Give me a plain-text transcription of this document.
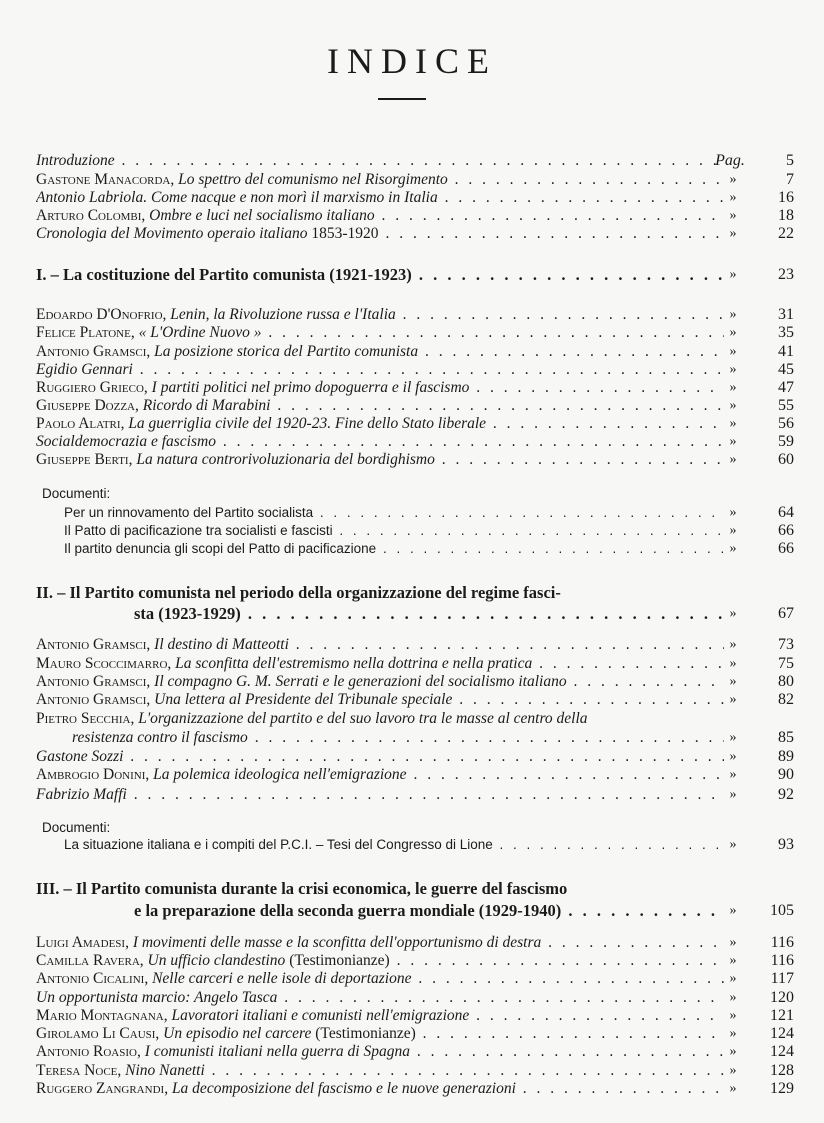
INDICE
Introduzione . . .	Pag.	5
Gastone Manacorda, Lo spettro del comunismo nel Risorgimento . . .	»	7
Antonio Labriola. Come nacque e non morì il marxismo in Italia . . .	»	16
Arturo Colombi, Ombre e luci nel socialismo italiano . . .	»	18
Cronologia del Movimento operaio italiano 1853-1920 . . .	»	22
I. – La costituzione del Partito comunista (1921-1923) . . .	»	23
Edoardo D'Onofrio, Lenin, la Rivoluzione russa e l'Italia . . .	»	31
Felice Platone, « L'Ordine Nuovo » . . .	»	35
Antonio Gramsci, La posizione storica del Partito comunista . . .	»	41
Egidio Gennari . . .	»	45
Ruggiero Grieco, I partiti politici nel primo dopoguerra e il fascismo . . .	»	47
Giuseppe Dozza, Ricordo di Marabini . . .	»	55
Paolo Alatri, La guerriglia civile del 1920-23. Fine dello Stato liberale . . .	»	56
Socialdemocrazia e fascismo . . .	»	59
Giuseppe Berti, La natura controrivoluzionaria del bordighismo . . .	»	60
Documenti:
Per un rinnovamento del Partito socialista . . .	»	64
Il Patto di pacificazione tra socialisti e fascisti . . .	»	66
Il partito denuncia gli scopi del Patto di pacificazione . . .	»	66
II. – Il Partito comunista nel periodo della organizzazione del regime fasci-
sta (1923-1929) . . .	»	67
Antonio Gramsci, Il destino di Matteotti . . .	»	73
Mauro Scoccimarro, La sconfitta dell'estremismo nella dottrina e nella pratica . . .	»	75
Antonio Gramsci, Il compagno G. M. Serrati e le generazioni del socialismo italiano . . .	»	80
Antonio Gramsci, Una lettera al Presidente del Tribunale speciale . . .	»	82
Pietro Secchia, L'organizzazione del partito e del suo lavoro tra le masse al centro della
resistenza contro il fascismo . . .	»	85
Gastone Sozzi . . .	»	89
Ambrogio Donini, La polemica ideologica nell'emigrazione . . .	»	90
Fabrizio Maffi . . .	»	92
Documenti:
La situazione italiana e i compiti del P.C.I. – Tesi del Congresso di Lione . . .	»	93
III. – Il Partito comunista durante la crisi economica, le guerre del fascismo
e la preparazione della seconda guerra mondiale (1929-1940) . . .	»	105
Luigi Amadesi, I movimenti delle masse e la sconfitta dell'opportunismo di destra . . .	»	116
Camilla Ravera, Un ufficio clandestino (Testimonianze) . . .	»	116
Antonio Cicalini, Nelle carceri e nelle isole di deportazione . . .	»	117
Un opportunista marcio: Angelo Tasca . . .	»	120
Mario Montagnana, Lavoratori italiani e comunisti nell'emigrazione . . .	»	121
Girolamo Li Causi, Un episodio nel carcere (Testimonianze) . . .	»	124
Antonio Roasio, I comunisti italiani nella guerra di Spagna . . .	»	124
Teresa Noce, Nino Nanetti . . .	»	128
Ruggero Zangrandi, La decomposizione del fascismo e le nuove generazioni . . .	»	129
